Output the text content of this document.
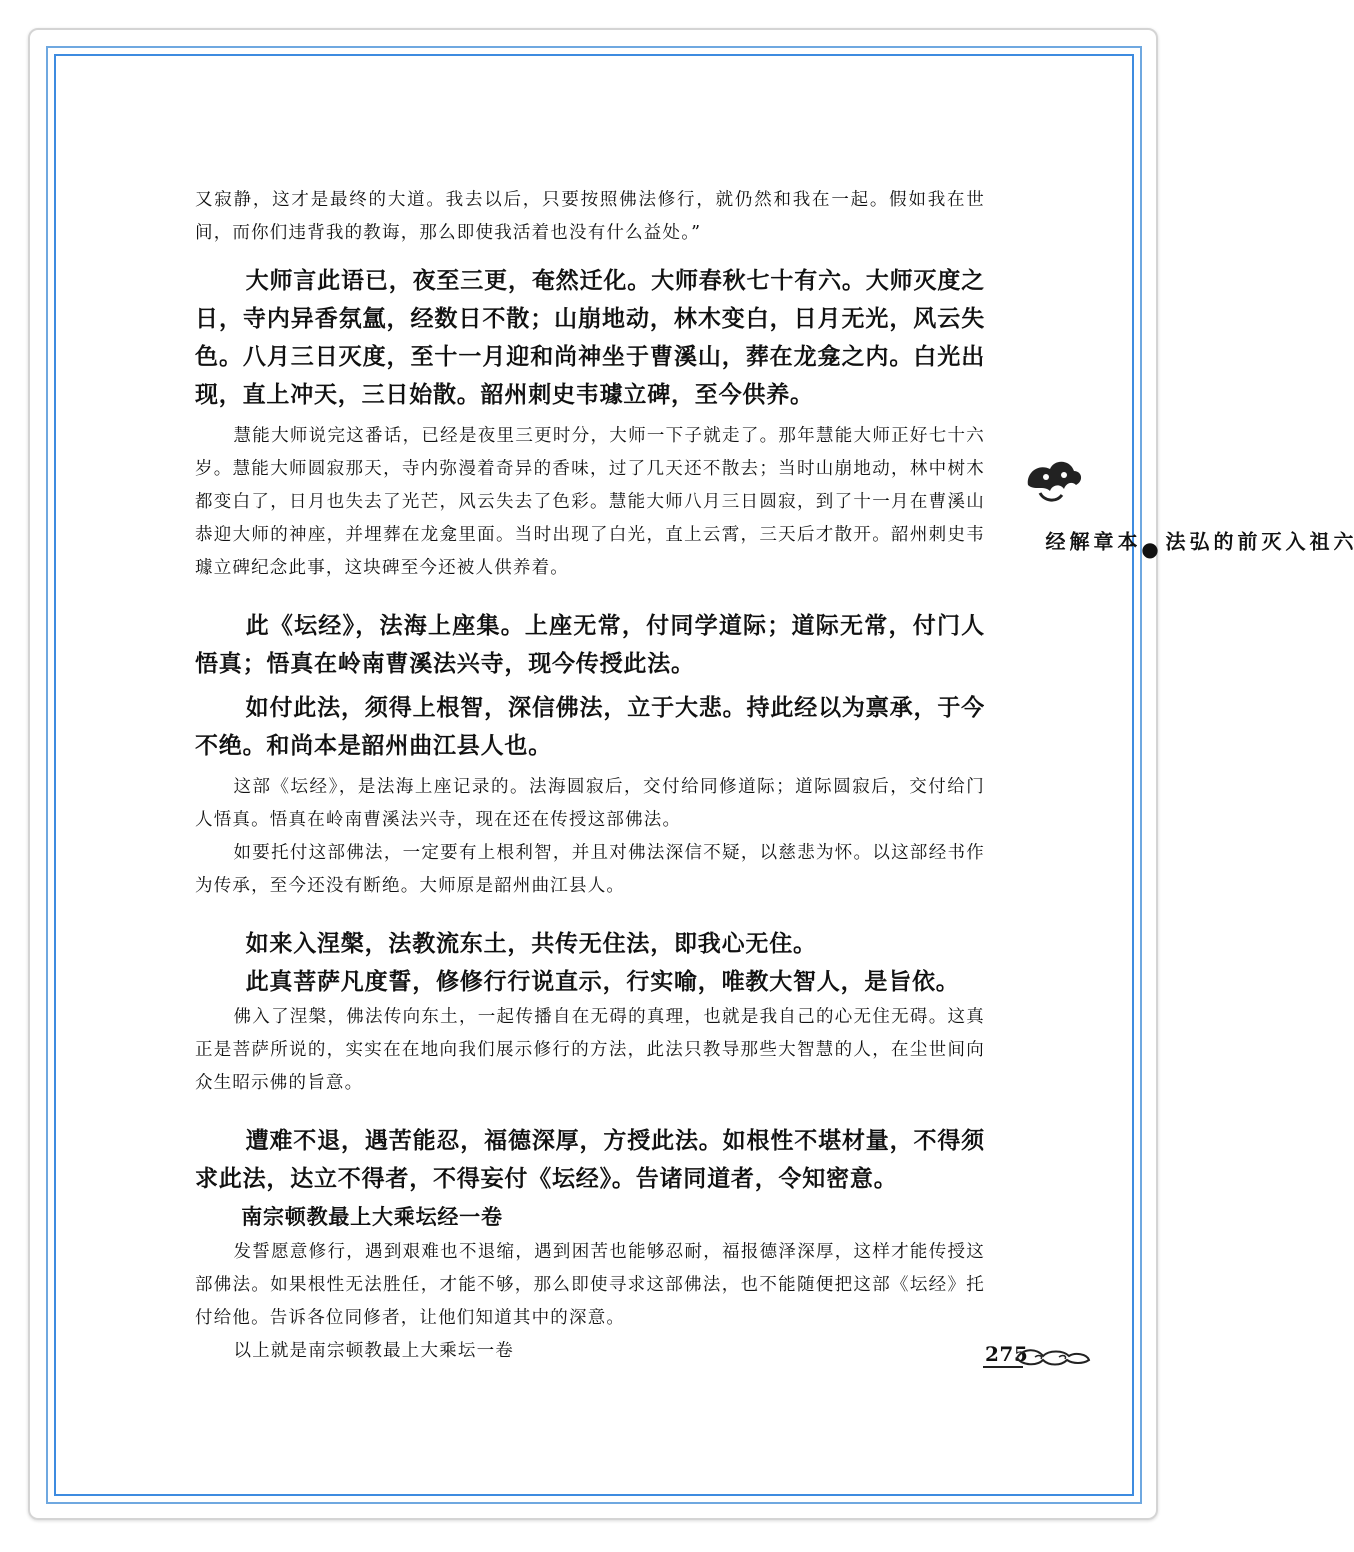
又寂静，这才是最终的大道。我去以后，只要按照佛法修行，就仍然和我在一起。假如我在世间，而你们违背我的教诲，那么即使我活着也没有什么益处。”

大师言此语已，夜至三更，奄然迁化。大师春秋七十有六。大师灭度之日，寺内异香氛氲，经数日不散；山崩地动，林木变白，日月无光，风云失色。八月三日灭度，至十一月迎和尚神坐于曹溪山，葬在龙龛之内。白光出现，直上冲天，三日始散。韶州刺史韦璩立碑，至今供养。

慧能大师说完这番话，已经是夜里三更时分，大师一下子就走了。那年慧能大师正好七十六岁。慧能大师圆寂那天，寺内弥漫着奇异的香味，过了几天还不散去；当时山崩地动，林中树木都变白了，日月也失去了光芒，风云失去了色彩。慧能大师八月三日圆寂，到了十一月在曹溪山恭迎大师的神座，并埋葬在龙龛里面。当时出现了白光，直上云霄，三天后才散开。韶州刺史韦璩立碑纪念此事，这块碑至今还被人供养着。

此《坛经》，法海上座集。上座无常，付同学道际；道际无常，付门人悟真；悟真在岭南曹溪法兴寺，现今传授此法。

如付此法，须得上根智，深信佛法，立于大悲。持此经以为禀承，于今不绝。和尚本是韶州曲江县人也。

这部《坛经》，是法海上座记录的。法海圆寂后，交付给同修道际；道际圆寂后，交付给门人悟真。悟真在岭南曹溪法兴寺，现在还在传授这部佛法。

如要托付这部佛法，一定要有上根利智，并且对佛法深信不疑，以慈悲为怀。以这部经书作为传承，至今还没有断绝。大师原是韶州曲江县人。

如来入涅槃，法教流东土，共传无住法，即我心无住。

此真菩萨凡度誓，修修行行说直示，行实喻，唯教大智人，是旨依。

佛入了涅槃，佛法传向东土，一起传播自在无碍的真理，也就是我自己的心无住无碍。这真正是菩萨所说的，实实在在地向我们展示修行的方法，此法只教导那些大智慧的人，在尘世间向众生昭示佛的旨意。

遭难不退，遇苦能忍，福德深厚，方授此法。如根性不堪材量，不得须求此法，达立不得者，不得妄付《坛经》。告诸同道者，令知密意。

南宗顿教最上大乘坛经一卷

发誓愿意修行，遇到艰难也不退缩，遇到困苦也能够忍耐，福报德泽深厚，这样才能传授这部佛法。如果根性无法胜任，才能不够，那么即使寻求这部佛法，也不能随便把这部《坛经》托付给他。告诉各位同修者，让他们知道其中的深意。

以上就是南宗顿教最上大乘坛一卷

六祖入灭前的弘法●本章解经
275
